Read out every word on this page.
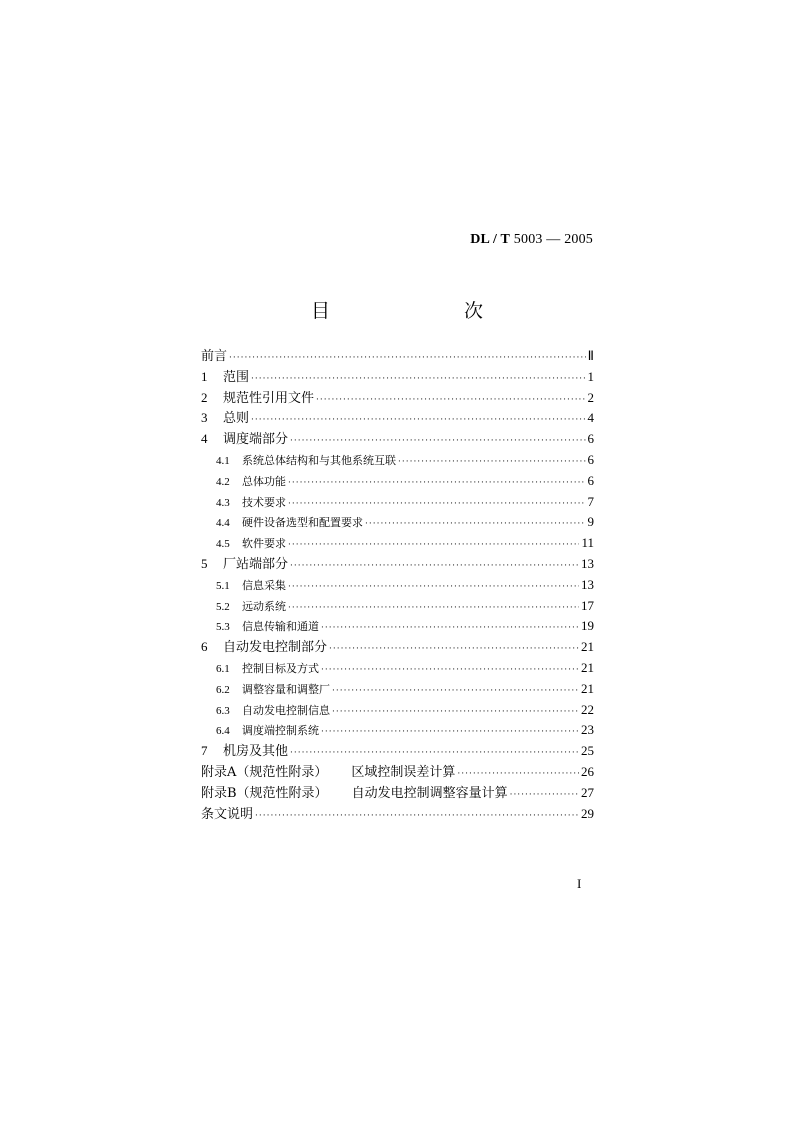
DL / T 5003 — 2005
目　　次
前言 ·····	Ⅱ
1	范围 ·····	1
2	规范性引用文件 ·····	2
3	总则 ·····	4
4	调度端部分 ·····	6
4.1	系统总体结构和与其他系统互联 ·····	6
4.2	总体功能 ·····	6
4.3	技术要求 ·····	7
4.4	硬件设备选型和配置要求 ·····	9
4.5	软件要求 ·····	11
5	厂站端部分 ·····	13
5.1	信息采集 ·····	13
5.2	远动系统 ·····	17
5.3	信息传输和通道 ·····	19
6	自动发电控制部分 ·····	21
6.1	控制目标及方式 ·····	21
6.2	调整容量和调整厂 ·····	21
6.3	自动发电控制信息 ·····	22
6.4	调度端控制系统 ·····	23
7	机房及其他 ·····	25
附录A（规范性附录） 区域控制误差计算 ·····	26
附录B（规范性附录） 自动发电控制调整容量计算 ·····	27
条文说明 ·····	29
I
